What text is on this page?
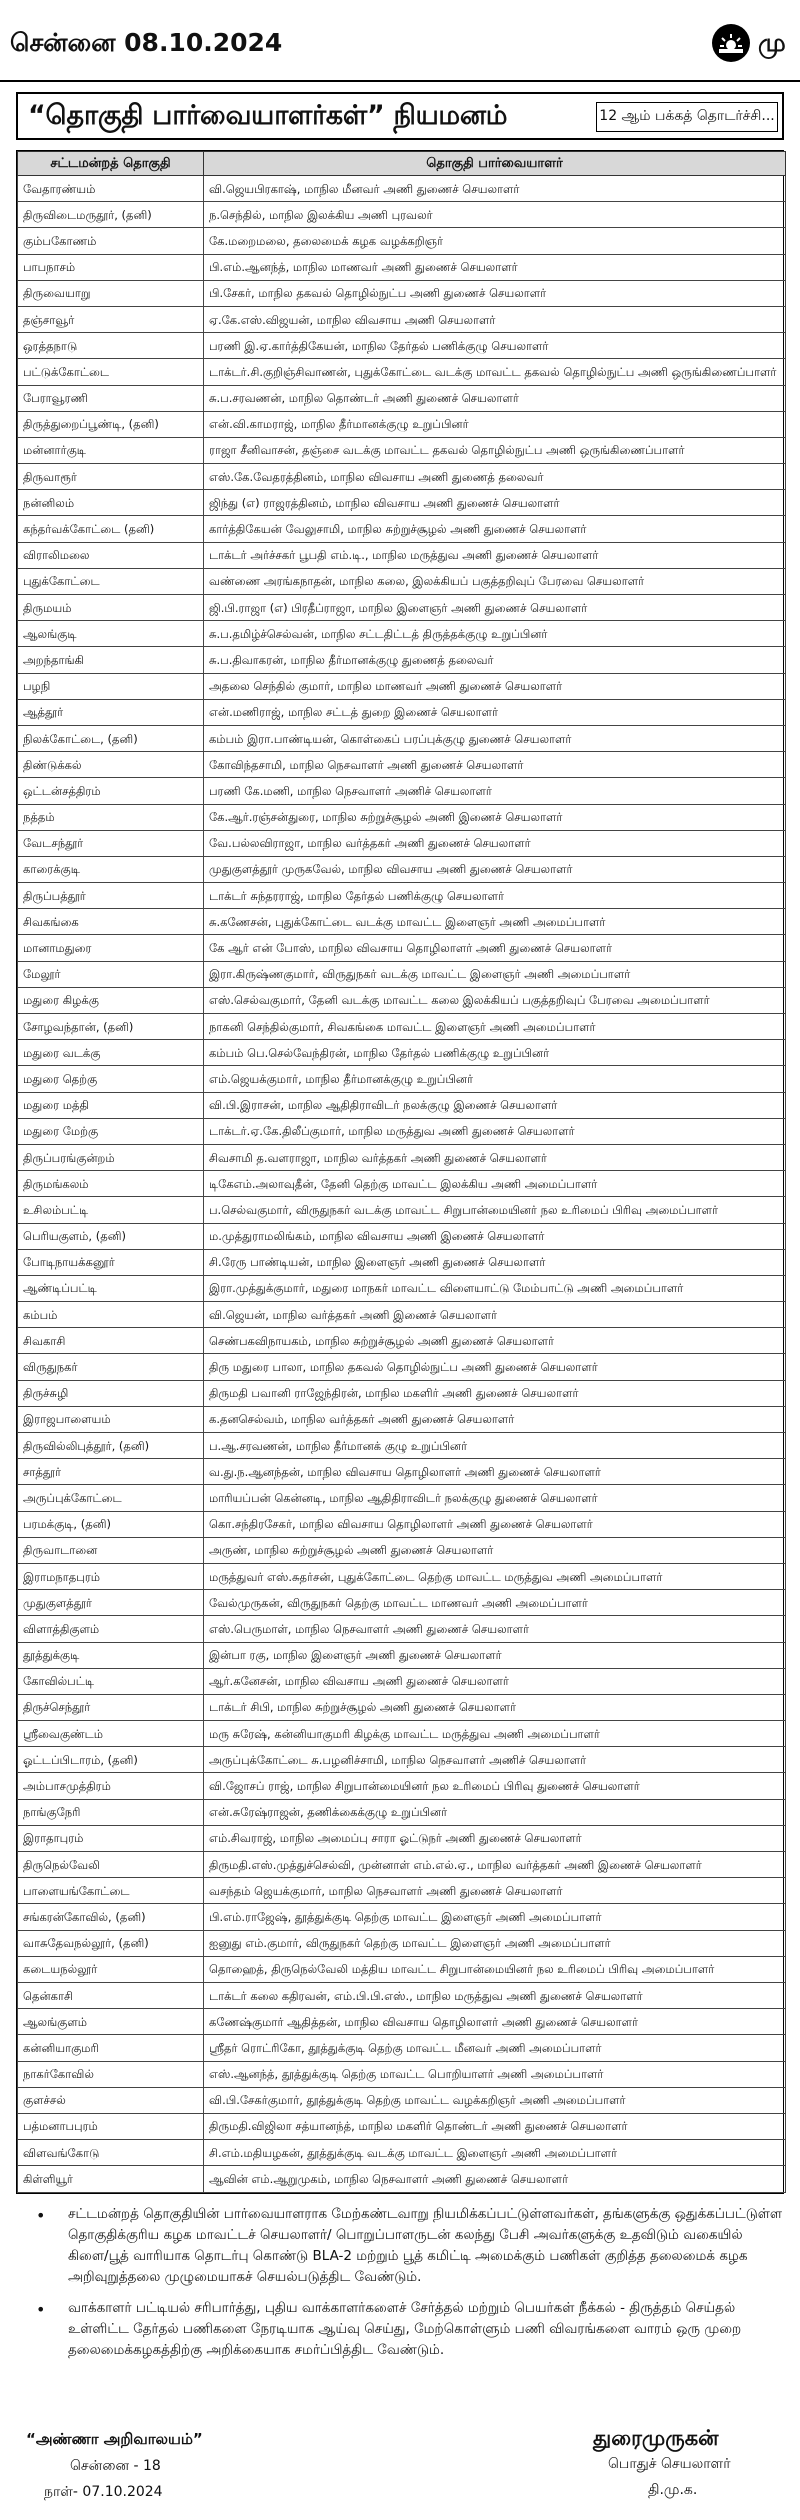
சென்னை 08.10.2024	மு
“தொகுதி பார்வையாளர்கள்” நியமனம்	12 ஆம் பக்கத் தொடர்ச்சி...
சட்டமன்றத் தொகுதி	தொகுதி பார்வையாளர்
வேதாரண்யம்	வி.ஜெயபிரகாஷ், மாநில மீனவர் அணி துணைச் செயலாளர்
திருவிடைமருதூர், (தனி)	ந.செந்தில், மாநில இலக்கிய அணி புரவலர்
கும்பகோணம்	கே.மறைமலை, தலைமைக் கழக வழக்கறிஞர்
பாபநாசம்	பி.எம்.ஆனந்த், மாநில மாணவர் அணி துணைச் செயலாளர்
திருவையாறு	பி.சேகர், மாநில தகவல் தொழில்நுட்ப அணி துணைச் செயலாளர்
தஞ்சாவூர்	ஏ.கே.எஸ்.விஜயன், மாநில விவசாய அணி செயலாளர்
ஒரத்தநாடு	பரணி இ.ஏ.கார்த்திகேயன், மாநில தேர்தல் பணிக்குழு செயலாளர்
பட்டுக்கோட்டை	டாக்டர்.சி.குறிஞ்சிவாணன், புதுக்கோட்டை வடக்கு மாவட்ட தகவல் தொழில்நுட்ப அணி ஒருங்கிணைப்பாளர்
பேராவூரணி	சு.ப.சரவணன், மாநில தொண்டர் அணி துணைச் செயலாளர்
திருத்துறைப்பூண்டி, (தனி)	என்.வி.காமராஜ், மாநில தீர்மானக்குழு உறுப்பினர்
மன்னார்குடி	ராஜா சீனிவாசன், தஞ்சை வடக்கு மாவட்ட தகவல் தொழில்நுட்ப அணி ஒருங்கிணைப்பாளர்
திருவாரூர்	எஸ்.கே.வேதரத்தினம், மாநில விவசாய அணி துணைத் தலைவர்
நன்னிலம்	ஜிந்து (எ) ராஜரத்தினம், மாநில விவசாய அணி துணைச் செயலாளர்
கந்தர்வக்கோட்டை (தனி)	கார்த்திகேயன் வேலுசாமி, மாநில சுற்றுச்சூழல் அணி துணைச் செயலாளர்
விராலிமலை	டாக்டர் அர்ச்சகர் பூபதி எம்.டி., மாநில மருத்துவ அணி துணைச் செயலாளர்
புதுக்கோட்டை	வண்ணை அரங்கநாதன், மாநில கலை, இலக்கியப் பகுத்தறிவுப் பேரவை செயலாளர்
திருமயம்	ஜி.பி.ராஜா (எ) பிரதீப்ராஜா, மாநில இளைஞர் அணி துணைச் செயலாளர்
ஆலங்குடி	சு.ப.தமிழ்ச்செல்வன், மாநில சட்டதிட்டத் திருத்தக்குழு உறுப்பினர்
அறந்தாங்கி	சு.ப.திவாகரன், மாநில தீர்மானக்குழு துணைத் தலைவர்
பழநி	அதலை செந்தில் குமார், மாநில மாணவர் அணி துணைச் செயலாளர்
ஆத்தூர்	என்.மணிராஜ், மாநில சட்டத் துறை இணைச் செயலாளர்
நிலக்கோட்டை, (தனி)	கம்பம் இரா.பாண்டியன், கொள்கைப் பரப்புக்குழு துணைச் செயலாளர்
திண்டுக்கல்	கோவிந்தசாமி, மாநில நெசவாளர் அணி துணைச் செயலாளர்
ஒட்டன்சத்திரம்	பரணி கே.மணி, மாநில நெசவாளர் அணிச் செயலாளர்
நத்தம்	கே.ஆர்.ரஞ்சன்துரை, மாநில சுற்றுச்சூழல் அணி இணைச் செயலாளர்
வேடசந்தூர்	வே.பல்லவிராஜா, மாநில வர்த்தகர் அணி துணைச் செயலாளர்
காரைக்குடி	முதுகுளத்தூர் முருகவேல், மாநில விவசாய அணி துணைச் செயலாளர்
திருப்பத்தூர்	டாக்டர் சுந்தரராஜ், மாநில தேர்தல் பணிக்குழு செயலாளர்
சிவகங்கை	சு.கணேசன், புதுக்கோட்டை வடக்கு மாவட்ட இளைஞர் அணி அமைப்பாளர்
மானாமதுரை	கே ஆர் என் போஸ், மாநில விவசாய தொழிலாளர் அணி துணைச் செயலாளர்
மேலூர்	இரா.கிருஷ்ணகுமார், விருதுநகர் வடக்கு மாவட்ட இளைஞர் அணி அமைப்பாளர்
மதுரை கிழக்கு	எஸ்.செல்வகுமார், தேனி வடக்கு மாவட்ட கலை இலக்கியப் பகுத்தறிவுப் பேரவை அமைப்பாளர்
சோழவந்தான், (தனி)	நாகனி செந்தில்குமார், சிவகங்கை மாவட்ட இளைஞர் அணி அமைப்பாளர்
மதுரை வடக்கு	கம்பம் பெ.செல்வேந்திரன், மாநில தேர்தல் பணிக்குழு உறுப்பினர்
மதுரை தெற்கு	எம்.ஜெயக்குமார், மாநில தீர்மானக்குழு உறுப்பினர்
மதுரை மத்தி	வி.பி.இராசன், மாநில ஆதிதிராவிடர் நலக்குழு இணைச் செயலாளர்
மதுரை மேற்கு	டாக்டர்.ஏ.கே.திலீப்குமார், மாநில மருத்துவ அணி துணைச் செயலாளர்
திருப்பரங்குன்றம்	சிவசாமி த.வளராஜா, மாநில வர்த்தகர் அணி துணைச் செயலாளர்
திருமங்கலம்	டிகேஎம்.அலாவுதீன், தேனி தெற்கு மாவட்ட இலக்கிய அணி அமைப்பாளர்
உசிலம்பட்டி	ப.செல்வகுமார், விருதுநகர் வடக்கு மாவட்ட சிறுபான்மையினர் நல உரிமைப் பிரிவு அமைப்பாளர்
பெரியகுளம், (தனி)	ம.முத்துராமலிங்கம், மாநில விவசாய அணி இணைச் செயலாளர்
போடிநாயக்கனூர்	சி.ரேரு பாண்டியன், மாநில இளைஞர் அணி துணைச் செயலாளர்
ஆண்டிப்பட்டி	இரா.முத்துக்குமார், மதுரை மாநகர் மாவட்ட விளையாட்டு மேம்பாட்டு அணி அமைப்பாளர்
கம்பம்	வி.ஜெயன், மாநில வர்த்தகர் அணி இணைச் செயலாளர்
சிவகாசி	செண்பகவிநாயகம், மாநில சுற்றுச்சூழல் அணி துணைச் செயலாளர்
விருதுநகர்	திரு மதுரை பாலா, மாநில தகவல் தொழில்நுட்ப அணி துணைச் செயலாளர்
திருச்சுழி	திருமதி பவானி ராஜேந்திரன், மாநில மகளிர் அணி துணைச் செயலாளர்
இராஜபாளையம்	க.தனசெல்வம், மாநில வர்த்தகர் அணி துணைச் செயலாளர்
திருவில்லிபுத்தூர், (தனி)	ப.ஆ.சரவணன், மாநில தீர்மானக் குழு உறுப்பினர்
சாத்தூர்	வ.து.ந.ஆனந்தன், மாநில விவசாய தொழிலாளர் அணி துணைச் செயலாளர்
அருப்புக்கோட்டை	மாரியப்பன் கென்னடி, மாநில ஆதிதிராவிடர் நலக்குழு துணைச் செயலாளர்
பரமக்குடி, (தனி)	கொ.சந்திரசேகர், மாநில விவசாய தொழிலாளர் அணி துணைச் செயலாளர்
திருவாடானை	அருண், மாநில சுற்றுச்சூழல் அணி துணைச் செயலாளர்
இராமநாதபுரம்	மருத்துவர் எஸ்.சுதர்சன், புதுக்கோட்டை தெற்கு மாவட்ட மருத்துவ அணி அமைப்பாளர்
முதுகுளத்தூர்	வேல்முருகன், விருதுநகர் தெற்கு மாவட்ட மாணவர் அணி அமைப்பாளர்
விளாத்திகுளம்	எஸ்.பெருமாள், மாநில நெசவாளர் அணி துணைச் செயலாளர்
தூத்துக்குடி	இன்பா ரகு, மாநில இளைஞர் அணி துணைச் செயலாளர்
கோவில்பட்டி	ஆர்.கனேசன், மாநில விவசாய அணி துணைச் செயலாளர்
திருச்செந்தூர்	டாக்டர் சிபி, மாநில சுற்றுச்சூழல் அணி துணைச் செயலாளர்
ஸ்ரீவைகுண்டம்	மரு சுரேஷ், கன்னியாகுமரி கிழக்கு மாவட்ட மருத்துவ அணி அமைப்பாளர்
ஓட்டப்பிடாரம், (தனி)	அருப்புக்கோட்டை சு.பழனிச்சாமி, மாநில நெசவாளர் அணிச் செயலாளர்
அம்பாசமுத்திரம்	வி.ஜோசப் ராஜ், மாநில சிறுபான்மையினர் நல உரிமைப் பிரிவு துணைச் செயலாளர்
நாங்குநேரி	என்.சுரேஷ்ராஜன், தணிக்கைக்குழு உறுப்பினர்
இராதாபுரம்	எம்.சிவராஜ், மாநில அமைப்பு சாரா ஓட்டுநர் அணி துணைச் செயலாளர்
திருநெல்வேலி	திருமதி.எஸ்.முத்துச்செல்வி, முன்னாள் எம்.எல்.ஏ., மாநில வர்த்தகர் அணி இணைச் செயலாளர்
பாளையங்கோட்டை	வசந்தம் ஜெயக்குமார், மாநில நெசவாளர் அணி துணைச் செயலாளர்
சங்கரன்கோவில், (தனி)	பி.எம்.ராஜேஷ், தூத்துக்குடி தெற்கு மாவட்ட இளைஞர் அணி அமைப்பாளர்
வாசுதேவநல்லூர், (தனி)	ஐனுது எம்.குமார், விருதுநகர் தெற்கு மாவட்ட இளைஞர் அணி அமைப்பாளர்
கடையநல்லூர்	தொஹைத், திருநெல்வேலி மத்திய மாவட்ட சிறுபான்மையினர் நல உரிமைப் பிரிவு அமைப்பாளர்
தென்காசி	டாக்டர் கலை கதிரவன், எம்.பி.பி.எஸ்., மாநில மருத்துவ அணி துணைச் செயலாளர்
ஆலங்குளம்	கணேஷ்குமார் ஆதித்தன், மாநில விவசாய தொழிலாளர் அணி துணைச் செயலாளர்
கன்னியாகுமரி	ஸ்ரீதர் ரொட்ரிகோ, தூத்துக்குடி தெற்கு மாவட்ட மீனவர் அணி அமைப்பாளர்
நாகர்கோவில்	எஸ்.ஆனந்த், தூத்துக்குடி தெற்கு மாவட்ட பொறியாளர் அணி அமைப்பாளர்
குளச்சல்	வி.பி.சேகர்குமார், தூத்துக்குடி தெற்கு மாவட்ட வழக்கறிஞர் அணி அமைப்பாளர்
பத்மனாபபுரம்	திருமதி.விஜிலா சத்யானந்த், மாநில மகளிர் தொண்டர் அணி துணைச் செயலாளர்
விளவங்கோடு	சி.எம்.மதியழகன், தூத்துக்குடி வடக்கு மாவட்ட இளைஞர் அணி அமைப்பாளர்
கிள்ளியூர்	ஆவின் எம்.ஆறுமுகம், மாநில நெசவாளர் அணி துணைச் செயலாளர்
• சட்டமன்றத் தொகுதியின் பார்வையாளராக மேற்கண்டவாறு நியமிக்கப்பட்டுள்ளவர்கள், தங்களுக்கு ஒதுக்கப்பட்டுள்ள தொகுதிக்குரிய கழக மாவட்டச் செயலாளர்/ பொறுப்பாளருடன் கலந்து பேசி அவர்களுக்கு உதவிடும் வகையில் கிளை/பூத் வாரியாக தொடர்பு கொண்டு BLA-2 மற்றும் பூத் கமிட்டி அமைக்கும் பணிகள் குறித்த தலைமைக் கழக அறிவுறுத்தலை முழுமையாகச் செயல்படுத்திட வேண்டும்.
• வாக்காளர் பட்டியல் சரிபார்த்து, புதிய வாக்காளர்களைச் சேர்த்தல் மற்றும் பெயர்கள் நீக்கல் - திருத்தம் செய்தல் உள்ளிட்ட தேர்தல் பணிகளை நேரடியாக ஆய்வு செய்து, மேற்கொள்ளும் பணி விவரங்களை வாரம் ஒரு முறை தலைமைக்கழகத்திற்கு அறிக்கையாக சமர்ப்பித்திட வேண்டும்.
“அண்ணா அறிவாலயம்”
சென்னை - 18
நாள்- 07.10.2024
துரைமுருகன்
பொதுச் செயலாளர்
தி.மு.க.
